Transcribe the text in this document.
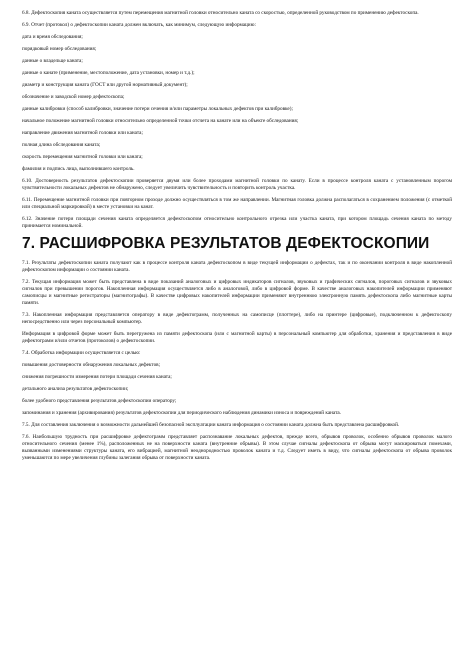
6.8. Дефектоскопия каната осуществляется путем перемещения магнитной головки относительно каната со скоростью, определенной руководством по применению дефектоскопа.

6.9. Отчет (протокол) о дефектоскопии каната должен включать, как минимум, следующую информацию:

дата и время обследования;

порядковый номер обследования;

данные о владельце каната;

данные о канате (применение, местоположение, дата установки, номер и т.д.);

диаметр и конструкция каната (ГОСТ или другой нормативный документ);

обозначение и заводской номер дефектоскопа;

данные калибровки (способ калибровки, значение потери сечения и/или параметры локальных дефектов при калибровке);

начальное положение магнитной головки относительно определенной точки отсчета на канате или на объекте обследования;

направление движения магнитной головки или каната;

полная длина обследования каната;

скорость перемещения магнитной головки или каната;

фамилия и подпись лица, выполнившего контроль.

6.10. Достоверность результатов дефектоскопии проверяется двумя или более проходами магнитной головки по канату. Если в процессе контроля каната с установленным порогом чувствительности локальных дефектов не обнаружено, следует увеличить чувствительность и повторить контроль участка.

6.11. Перемещение магнитной головки при повторном проходе должно осуществляться в том же направлении. Магнитная головка должна располагаться в сохранением положения (с отметкой или специальной маркировкой) в месте установки на канат.

6.12. Значение потери площади сечения каната определяется дефектоскопом относительно контрольного отрезка или участка каната, при котором площадь сечения каната по методу принимается номинальной.

7. РАСШИФРОВКА РЕЗУЛЬТАТОВ ДЕФЕКТОСКОПИИ

7.1. Результаты дефектоскопии каната получают как в процессе контроля каната дефектоскопом в виде текущей информации о дефектах, так и по окончании контроля в виде накопленной дефектоскопом информации о состоянии каната.

7.2. Текущая информация может быть представлена в виде показаний аналоговых и цифровых индикаторов сигналов, звуковых и графических сигналов, пороговых сигналов и звуковых сигналов при превышении порогов. Накопленная информация осуществляется либо в аналоговой, либо в цифровой форме. В качестве аналоговых накопителей информации применяют самописцы и магнитные регистраторы (магнитографы). В качестве цифровых накопителей информации применяют внутреннюю электронную память дефектоскопа либо магнитные карты памяти.

7.3. Накопленная информация представляется оператору в виде дефектограмм, полученных на самописце (плоттере), либо на принтере (цифровые), подключенном к дефектоскопу непосредственно или через персональный компьютер.

Информация в цифровой форме может быть перегружена из памяти дефектоскопа (или с магнитной карты) в персональный компьютер для обработки, хранения и представления в виде дефектограмм и/или отчетов (протоколов) о дефектоскопии.

7.4. Обработка информации осуществляется с целью:

повышения достоверности обнаружения локальных дефектов;

снижения погрешности измерения потери площади сечения каната;

детального анализа результатов дефектоскопии;

более удобного представления результатов дефектоскопии оператору;

запоминания и хранения (архивирования) результатов дефектоскопии для периодического наблюдения динамики износа и повреждений каната.

7.5. Для составления заключения о возможности дальнейшей безопасной эксплуатации каната информация о состоянии каната должна быть представлена расшифровкой.

7.6. Наибольшую трудность при расшифровке дефектограмм представляет распознавание локальных дефектов, прежде всего, обрывов проволок, особенно обрывов проволок малого относительного сечения (менее 1%), расположенных не на поверхности каната (внутренние обрывы). В этом случае сигналы дефектоскопа от обрыва могут маскироваться помехами, вызванными изменениями структуры каната, его вибрацией, магнитной неоднородностью проволок каната и т.д. Следует иметь в виду, что сигналы дефектоскопа от обрыва проволок уменьшаются по мере увеличения глубины залегания обрыва от поверхности каната.
